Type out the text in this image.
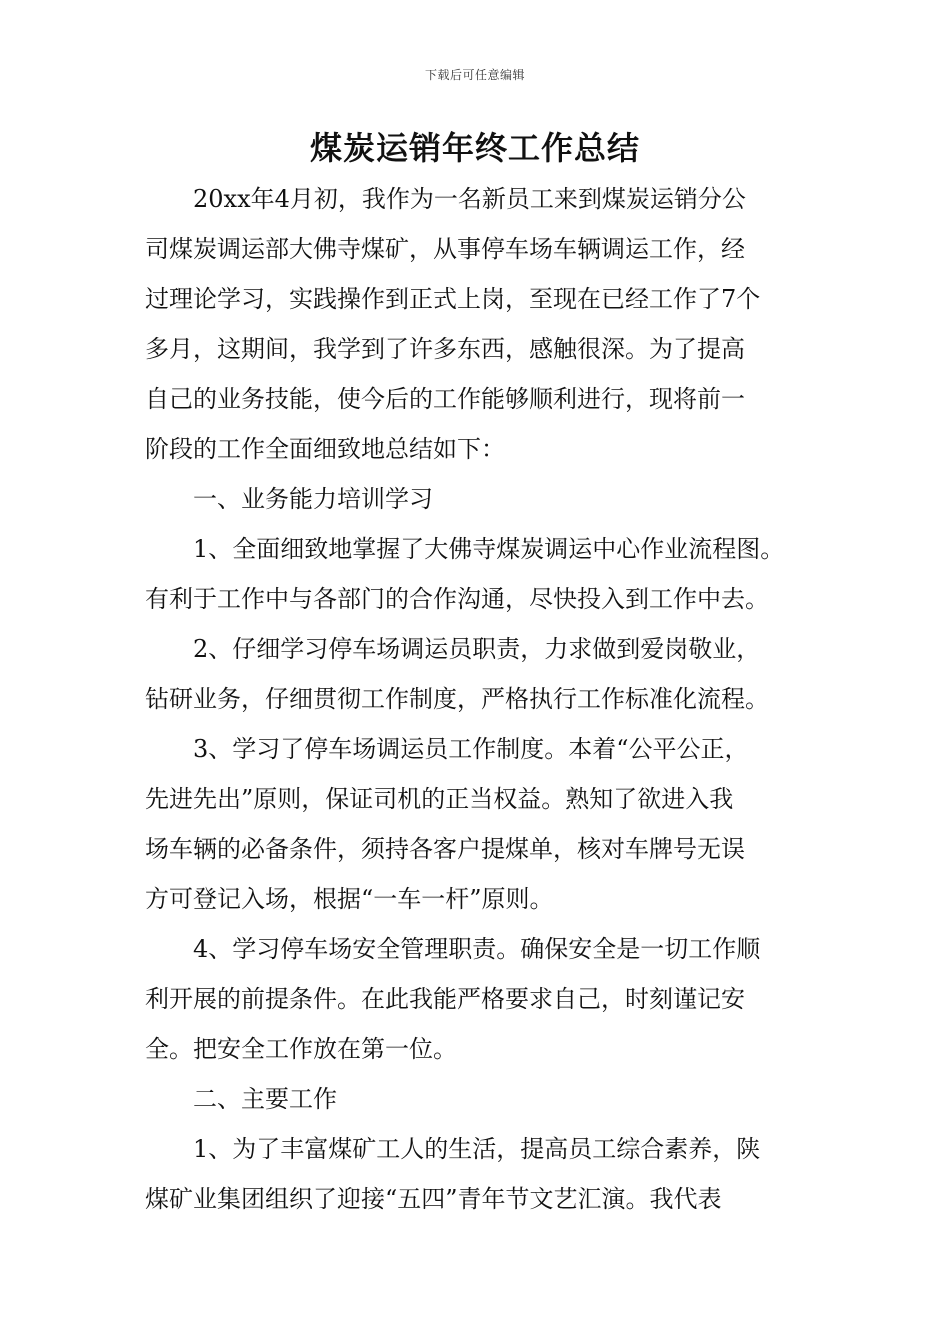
下载后可任意编辑
煤炭运销年终工作总结
20xx年4月初，我作为一名新员工来到煤炭运销分公
司煤炭调运部大佛寺煤矿，从事停车场车辆调运工作，经
过理论学习，实践操作到正式上岗，至现在已经工作了7个
多月，这期间，我学到了许多东西，感触很深。为了提高
自己的业务技能，使今后的工作能够顺利进行，现将前一
阶段的工作全面细致地总结如下：
一、业务能力培训学习
1、全面细致地掌握了大佛寺煤炭调运中心作业流程图。
有利于工作中与各部门的合作沟通，尽快投入到工作中去。
2、仔细学习停车场调运员职责，力求做到爱岗敬业，
钻研业务，仔细贯彻工作制度，严格执行工作标准化流程。
3、学习了停车场调运员工作制度。本着“公平公正，
先进先出”原则，保证司机的正当权益。熟知了欲进入我
场车辆的必备条件，须持各客户提煤单，核对车牌号无误
方可登记入场，根据“一车一杆”原则。
4、学习停车场安全管理职责。确保安全是一切工作顺
利开展的前提条件。在此我能严格要求自己，时刻谨记安
全。把安全工作放在第一位。
二、主要工作
1、为了丰富煤矿工人的生活，提高员工综合素养，陕
煤矿业集团组织了迎接“五四”青年节文艺汇演。我代表
